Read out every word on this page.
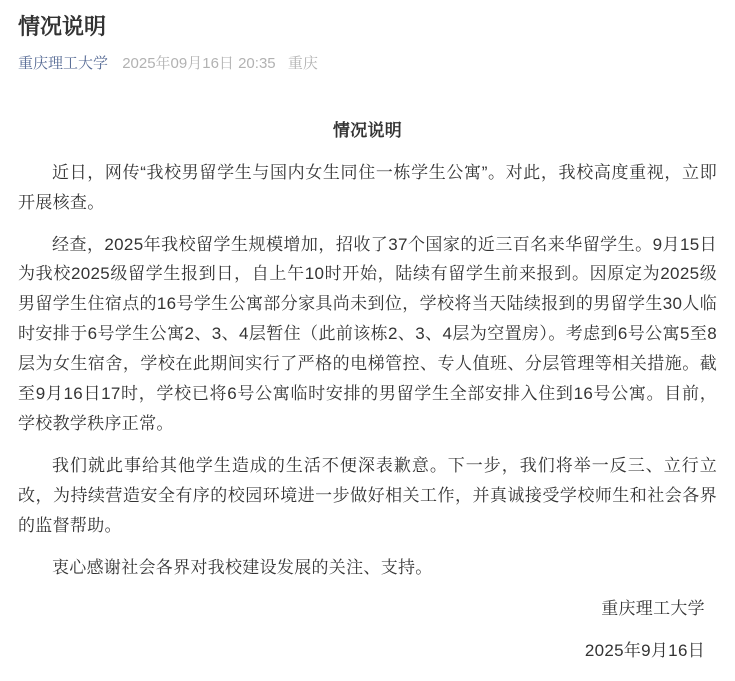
情况说明
重庆理工大学 2025年09月16日 20:35 重庆

情况说明

近日，网传“我校男留学生与国内女生同住一栋学生公寓”。对此，我校高度重视，立即开展核查。

经查，2025年我校留学生规模增加，招收了37个国家的近三百名来华留学生。9月15日为我校2025级留学生报到日，自上午10时开始，陆续有留学生前来报到。因原定为2025级男留学生住宿点的16号学生公寓部分家具尚未到位，学校将当天陆续报到的男留学生30人临时安排于6号学生公寓2、3、4层暂住（此前该栋2、3、4层为空置房）。考虑到6号公寓5至8层为女生宿舍，学校在此期间实行了严格的电梯管控、专人值班、分层管理等相关措施。截至9月16日17时，学校已将6号公寓临时安排的男留学生全部安排入住到16号公寓。目前，学校教学秩序正常。

我们就此事给其他学生造成的生活不便深表歉意。下一步，我们将举一反三、立行立改，为持续营造安全有序的校园环境进一步做好相关工作，并真诚接受学校师生和社会各界的监督帮助。

衷心感谢社会各界对我校建设发展的关注、支持。

重庆理工大学

2025年9月16日
